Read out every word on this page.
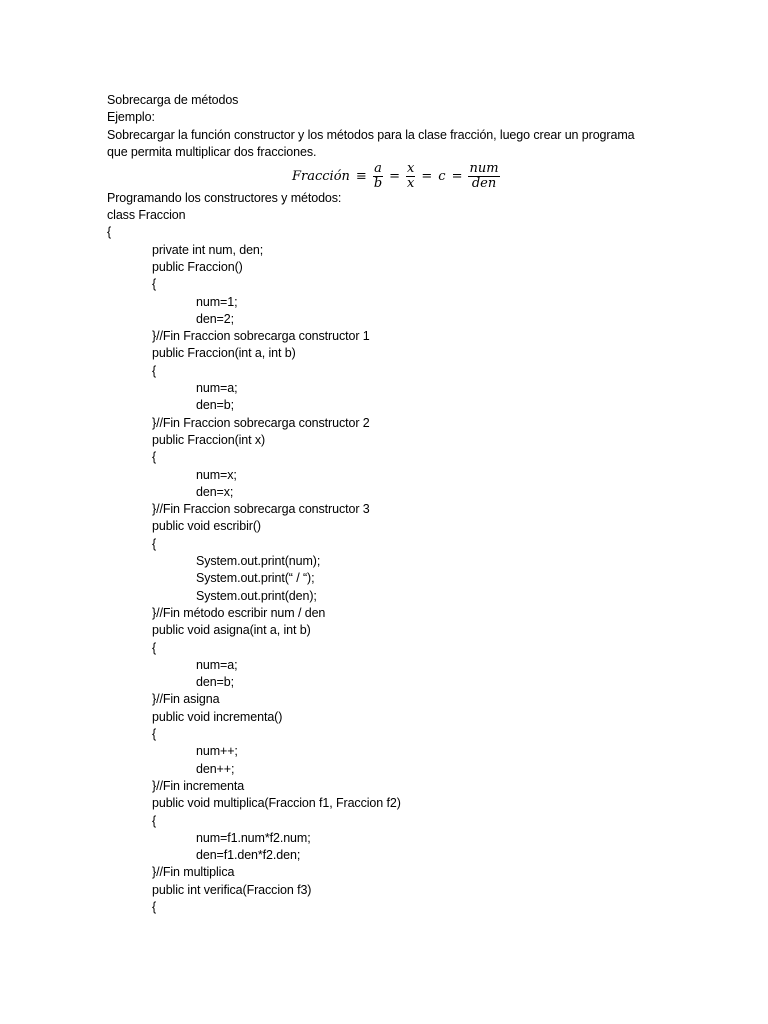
Sobrecarga de métodos
Ejemplo:
Sobrecargar la función constructor y los métodos para la clase fracción, luego crear un programa
que permita multiplicar dos fracciones.
Fracción ≡ $\frac{a}{b} = \frac{x}{x} = c = \frac{\text{num}}{\text{den}}$
Programando los constructores y métodos:
class Fraccion
{
private int num, den;
public Fraccion()
{
num=1;
den=2;
}//Fin Fraccion sobrecarga constructor 1
public Fraccion(int a, int b)
{
num=a;
den=b;
}//Fin Fraccion sobrecarga constructor 2
public Fraccion(int x)
{
num=x;
den=x;
}//Fin Fraccion sobrecarga constructor 3
public void escribir()
{
System.out.print(num);
System.out.print(“ / “);
System.out.print(den);
}//Fin método escribir num / den
public void asigna(int a, int b)
{
num=a;
den=b;
}//Fin asigna
public void incrementa()
{
num++;
den++;
}//Fin incrementa
public void multiplica(Fraccion f1, Fraccion f2)
{
num=f1.num*f2.num;
den=f1.den*f2.den;
}//Fin multiplica
public int verifica(Fraccion f3)
{
